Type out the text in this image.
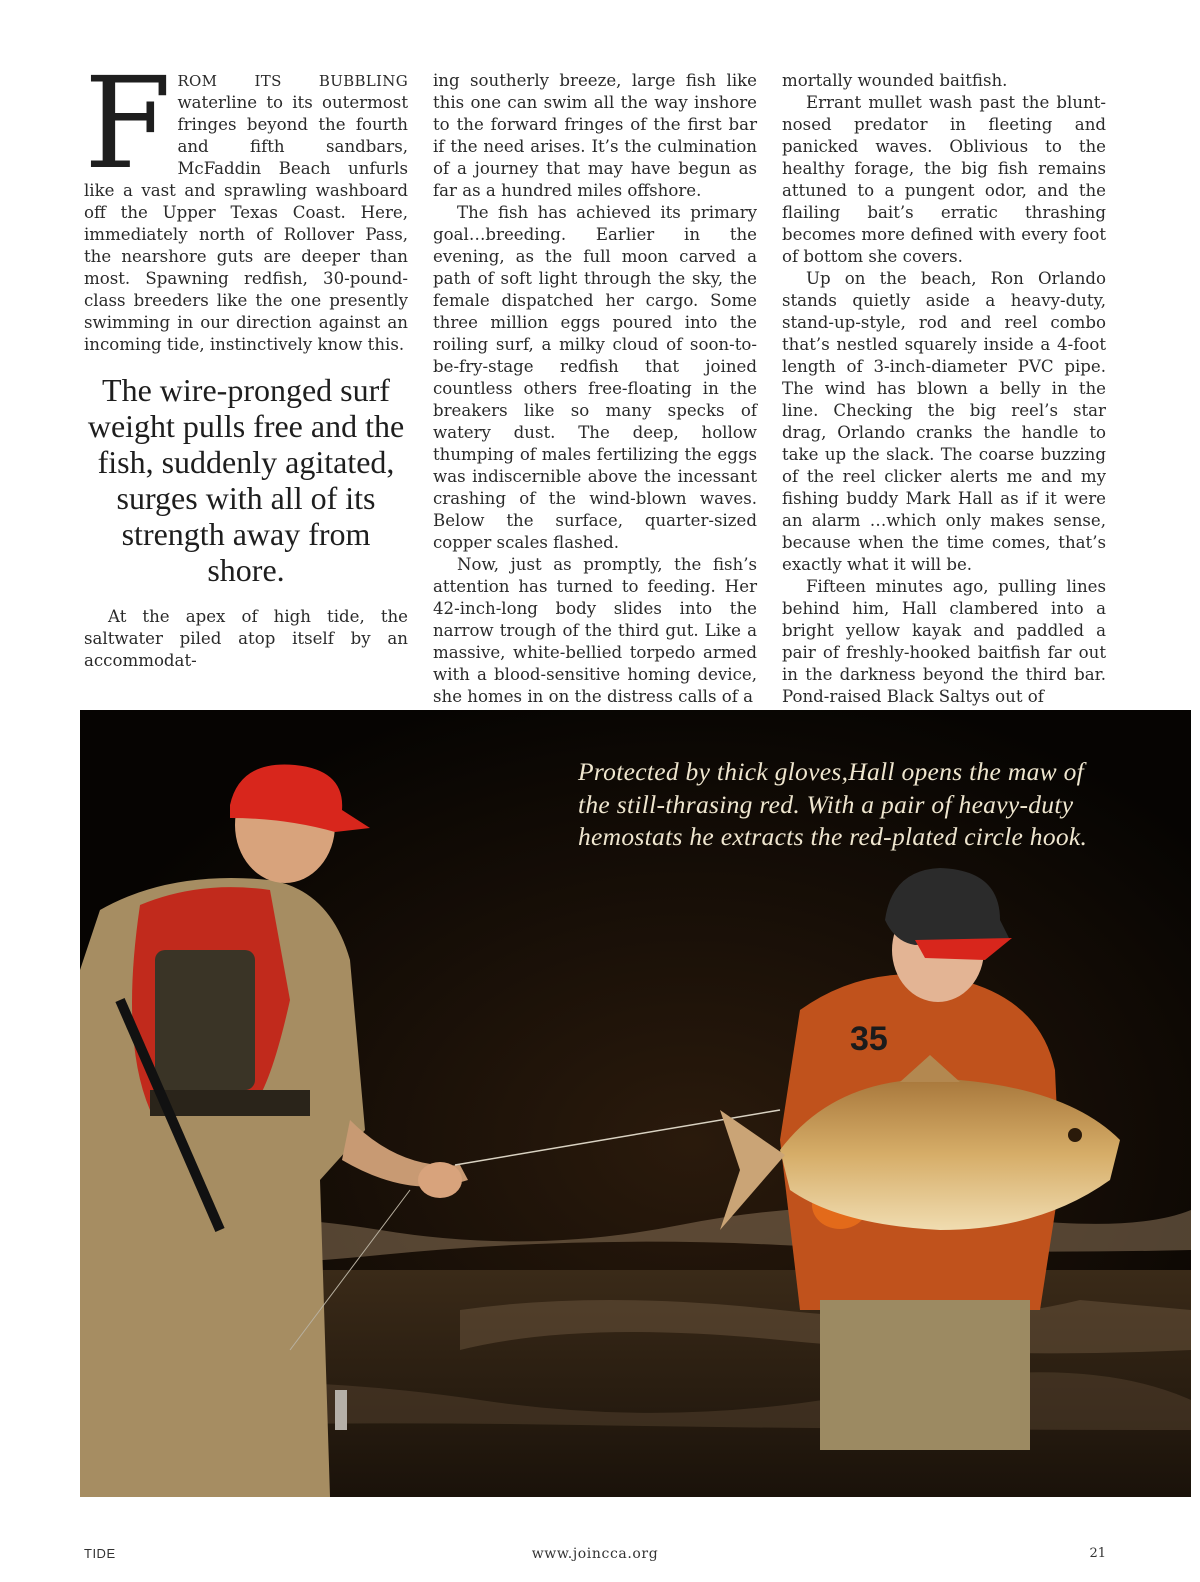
FROM ITS BUBBLING waterline to its outermost fringes beyond the fourth and fifth sandbars, McFaddin Beach unfurls like a vast and sprawling washboard off the Upper Texas Coast. Here, immediately north of Rollover Pass, the nearshore guts are deeper than most. Spawning redfish, 30-pound-class breeders like the one presently swimming in our direction against an incoming tide, instinctively know this.

The wire-pronged surf weight pulls free and the fish, suddenly agitated, surges with all of its strength away from shore.

At the apex of high tide, the saltwater piled atop itself by an accommodat-

ing southerly breeze, large fish like this one can swim all the way inshore to the forward fringes of the first bar if the need arises. It’s the culmination of a journey that may have begun as far as a hundred miles offshore.

The fish has achieved its primary goal…breeding. Earlier in the evening, as the full moon carved a path of soft light through the sky, the female dispatched her cargo. Some three million eggs poured into the roiling surf, a milky cloud of soon-to-be-fry-stage redfish that joined countless others free-floating in the breakers like so many specks of watery dust. The deep, hollow thumping of males fertilizing the eggs was indiscernible above the incessant crashing of the wind-blown waves. Below the surface, quarter-sized copper scales flashed.

Now, just as promptly, the fish’s attention has turned to feeding. Her 42-inch-long body slides into the narrow trough of the third gut. Like a massive, white-bellied torpedo armed with a blood-sensitive homing device, she homes in on the distress calls of a

mortally wounded baitfish.

Errant mullet wash past the blunt-nosed predator in fleeting and panicked waves. Oblivious to the healthy forage, the big fish remains attuned to a pungent odor, and the flailing bait’s erratic thrashing becomes more defined with every foot of bottom she covers.

Up on the beach, Ron Orlando stands quietly aside a heavy-duty, stand-up-style, rod and reel combo that’s nestled squarely inside a 4-foot length of 3-inch-diameter PVC pipe. The wind has blown a belly in the line. Checking the big reel’s star drag, Orlando cranks the handle to take up the slack. The coarse buzzing of the reel clicker alerts me and my fishing buddy Mark Hall as if it were an alarm …which only makes sense, because when the time comes, that’s exactly what it will be.

Fifteen minutes ago, pulling lines behind him, Hall clambered into a bright yellow kayak and paddled a pair of freshly-hooked baitfish far out in the darkness beyond the third bar. Pond-raised Black Saltys out of

35
Protected by thick gloves,Hall opens the maw of the still-thrasing red. With a pair of heavy-duty hemostats he extracts the red-plated circle hook.
TIDE	www.joincca.org	21
